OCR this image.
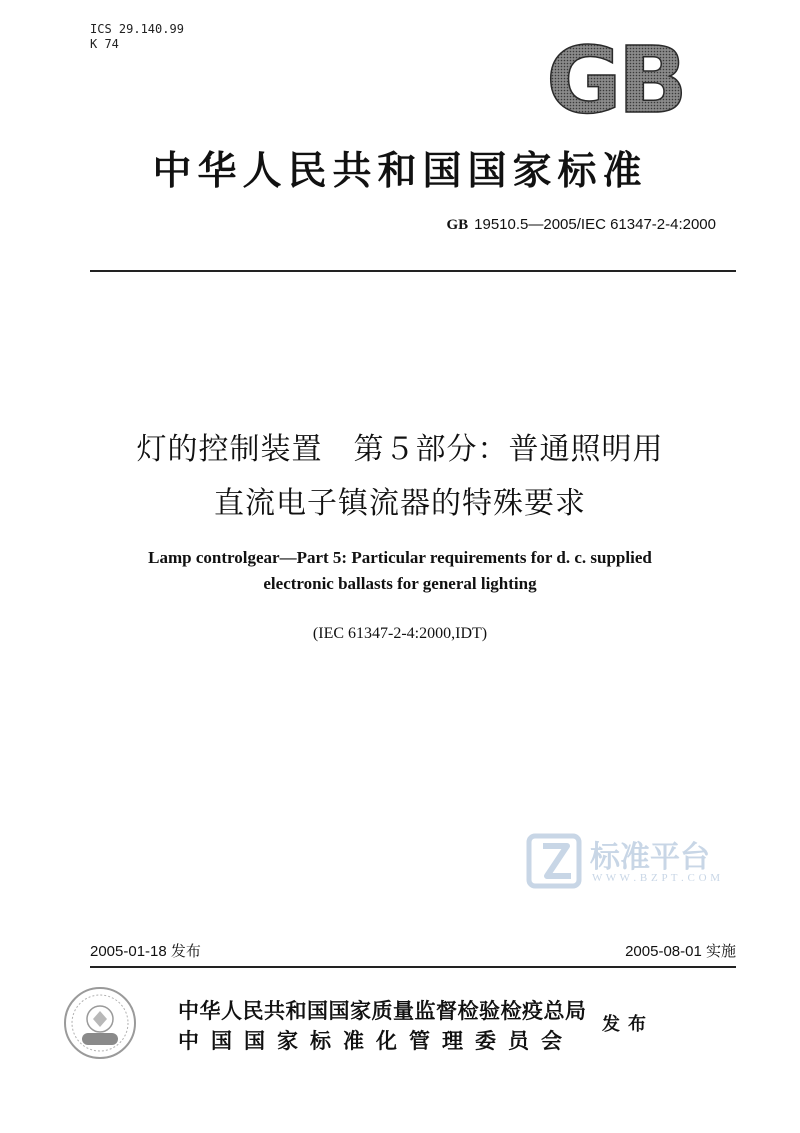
ICS 29.140.99
K 74	GB
中华人民共和国国家标准
GB 19510.5—2005/IEC 61347-2-4:2000
灯的控制装置　第５部分：普通照明用
直流电子镇流器的特殊要求
Lamp controlgear—Part 5: Particular requirements for d. c. supplied
electronic ballasts for general lighting
(IEC 61347-2-4:2000,IDT)
标准平台
W W W . B Z P T . C O M
2005-01-18 发布	2005-08-01 实施
中华人民共和国国家质量监督检验检疫总局
中国国家标准化管理委员会
发布
